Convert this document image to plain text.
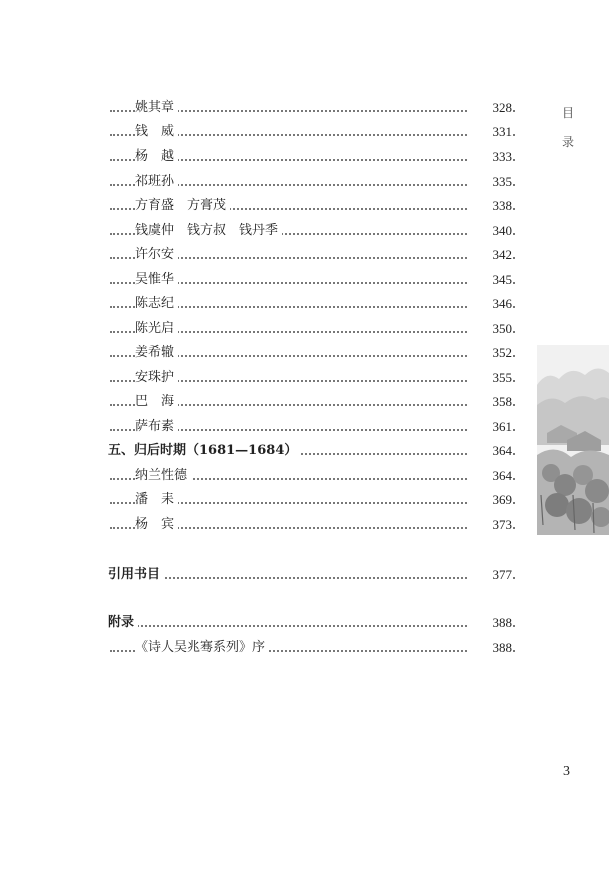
姚其章	328
钱　威	331
杨　越	333
祁班孙	335
方育盛　方膏茂	338
钱虞仲　钱方叔　钱丹季	340
许尔安	342
吴惟华	345
陈志纪	346
陈光启	350
姜希辙	352
安珠护	355
巴　海	358
萨布素	361
五、归后时期（1681—1684）	364
纳兰性德	364
潘　耒	369
杨　宾	373
引用书目	377
附录	388
《诗人吴兆骞系列》序	388
目
录
3
